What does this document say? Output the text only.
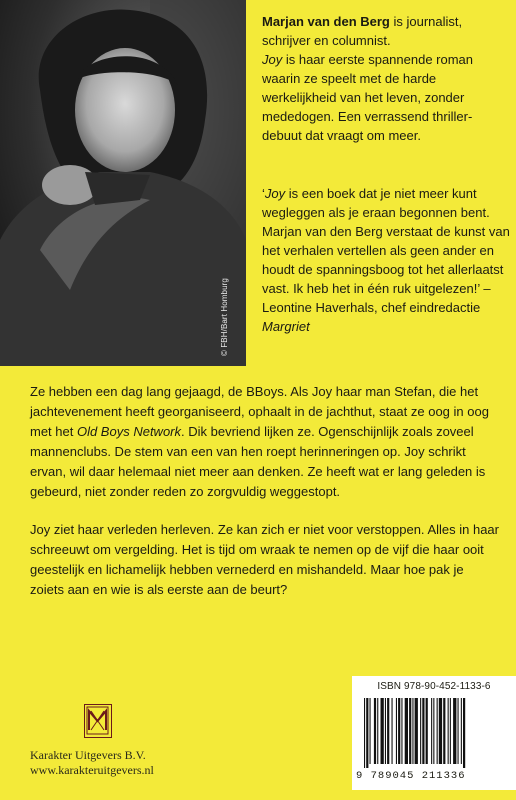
© FBH/Bart Homburg

Marjan van den Berg is journalist, schrijver en columnist.
Joy is haar eerste spannende roman waarin ze speelt met de harde werkelijkheid van het leven, zonder mededogen. Een verrassend thriller-debuut dat vraagt om meer.

‘Joy is een boek dat je niet meer kunt wegleggen als je eraan begonnen bent. Marjan van den Berg verstaat de kunst van het verhalen vertellen als geen ander en houdt de spanningsboog tot het allerlaatst vast. Ik heb het in één ruk uitgelezen!’ – Leontine Haverhals, chef eindredactie Margriet

Ze hebben een dag lang gejaagd, de BBoys. Als Joy haar man Stefan, die het jachtevenement heeft georganiseerd, ophaalt in de jachthut, staat ze oog in oog met het Old Boys Network. Dik bevriend lijken ze. Ogenschijnlijk zoals zoveel mannenclubs. De stem van een van hen roept herinneringen op. Joy schrikt ervan, wil daar helemaal niet meer aan denken. Ze heeft wat er lang geleden is gebeurd, niet zonder reden zo zorgvuldig weggestopt.

Joy ziet haar verleden herleven. Ze kan zich er niet voor verstoppen. Alles in haar schreeuwt om vergelding. Het is tijd om wraak te nemen op de vijf die haar ooit geestelijk en lichamelijk hebben vernederd en mishandeld. Maar hoe pak je zoiets aan en wie is als eerste aan de beurt?

Karakter Uitgevers B.V.
www.karakteruitgevers.nl
ISBN 978-90-452-1133-6
9 789045 211336
